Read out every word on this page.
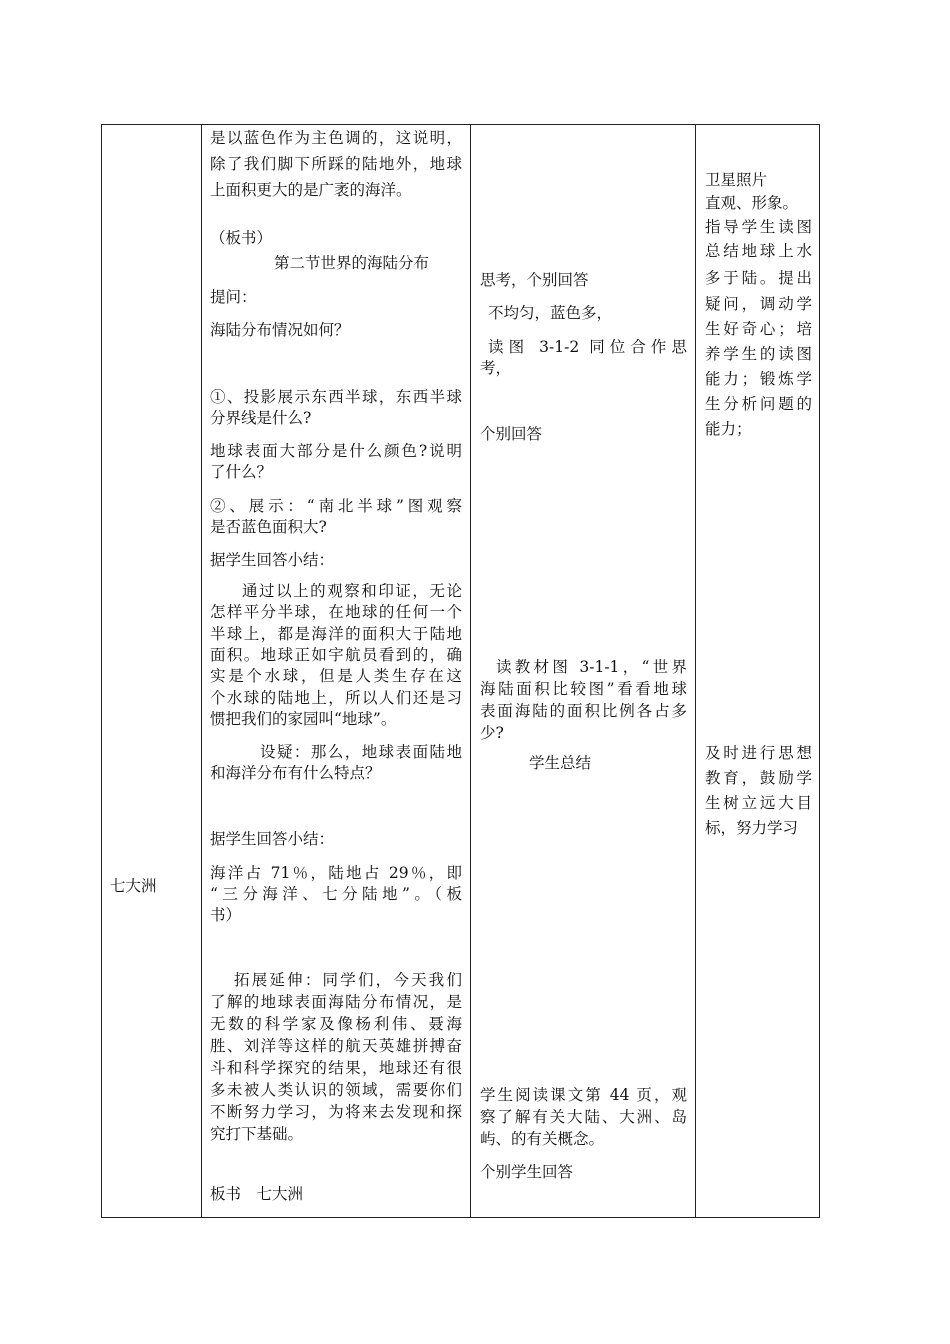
七大洲
是以蓝色作为主色调的，这说明，
除了我们脚下所踩的陆地外，地球
上面积更大的是广袤的海洋。
（板书）
第二节世界的海陆分布
提问：
海陆分布情况如何？
①、投影展示东西半球，东西半球
分界线是什么?
地球表面大部分是什么颜色?说明
了什么？
②、展示：“南北半球”图观察
是否蓝色面积大?
据学生回答小结：
通过以上的观察和印证，无论
怎样平分半球，在地球的任何一个
半球上，都是海洋的面积大于陆地
面积。地球正如宇航员看到的，确
实是个水球，但是人类生存在这
个水球的陆地上，所以人们还是习
惯把我们的家园叫“地球”。
设疑：那么，地球表面陆地
和海洋分布有什么特点？
据学生回答小结：
海洋占 71％，陆地占 29％，即
“三分海洋、七分陆地”。（板
书）
拓展延伸：同学们，今天我们
了解的地球表面海陆分布情况，是
无数的科学家及像杨利伟、聂海
胜、刘洋等这样的航天英雄拼搏奋
斗和科学探究的结果，地球还有很
多未被人类认识的领域，需要你们
不断努力学习，为将来去发现和探
究打下基础。
板书　七大洲
思考，个别回答
不均匀，蓝色多，
读图 3-1-2 同位合作思
考，
个别回答
读教材图 3-1-1，“世界
海陆面积比较图”看看地球
表面海陆的面积比例各占多
少?
学生总结
学生阅读课文第 44 页，观
察了解有关大陆、大洲、岛
屿、的有关概念。
个别学生回答
卫星照片
直观、形象。
指导学生读图
总结地球上水
多于陆。提出
疑问，调动学
生好奇心；培
养学生的读图
能力；锻炼学
生分析问题的
能力；
及时进行思想
教育，鼓励学
生树立远大目
标，努力学习
